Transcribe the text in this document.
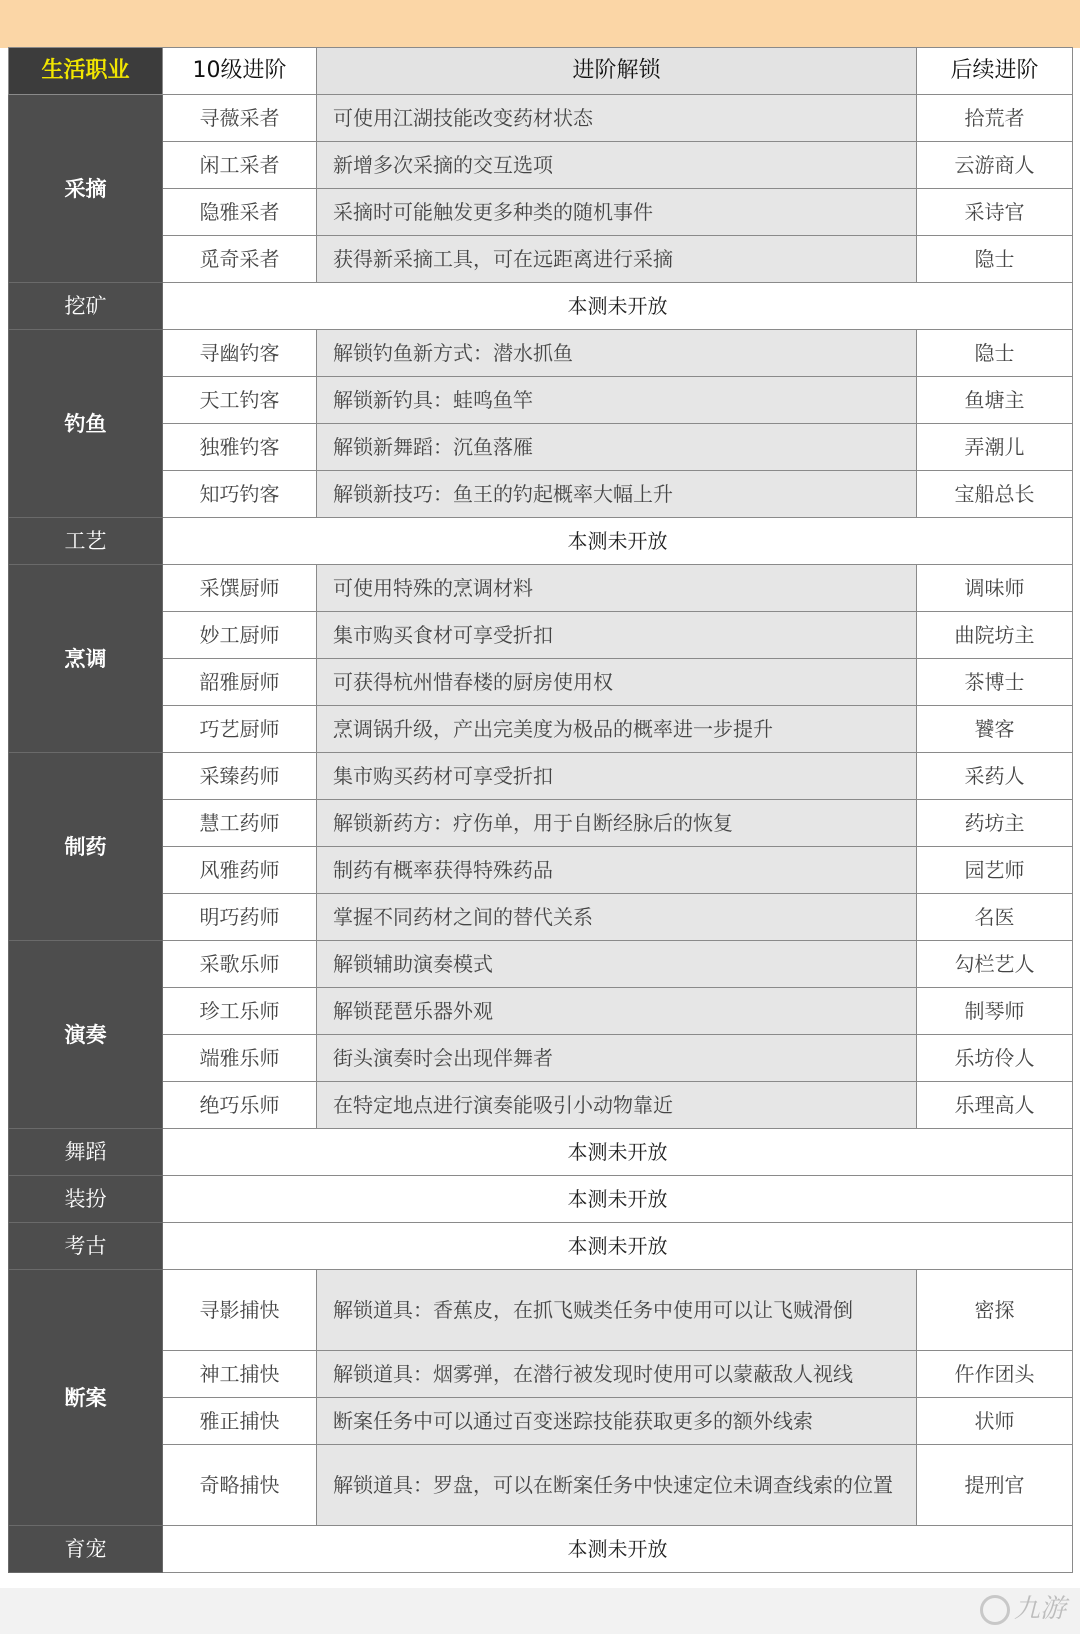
生活职业	10级进阶	进阶解锁	后续进阶
采摘	寻薇采者	可使用江湖技能改变药材状态	拾荒者
	闲工采者	新增多次采摘的交互选项	云游商人
	隐雅采者	采摘时可能触发更多种类的随机事件	采诗官
	觅奇采者	获得新采摘工具，可在远距离进行采摘	隐士
挖矿	本测未开放		
钓鱼	寻幽钓客	解锁钓鱼新方式：潜水抓鱼	隐士
	天工钓客	解锁新钓具：蛙鸣鱼竿	鱼塘主
	独雅钓客	解锁新舞蹈：沉鱼落雁	弄潮儿
	知巧钓客	解锁新技巧：鱼王的钓起概率大幅上升	宝船总长
工艺	本测未开放		
烹调	采馔厨师	可使用特殊的烹调材料	调味师
	妙工厨师	集市购买食材可享受折扣	曲院坊主
	韶雅厨师	可获得杭州惜春楼的厨房使用权	茶博士
	巧艺厨师	烹调锅升级，产出完美度为极品的概率进一步提升	饕客
制药	采臻药师	集市购买药材可享受折扣	采药人
	慧工药师	解锁新药方：疗伤单，用于自断经脉后的恢复	药坊主
	风雅药师	制药有概率获得特殊药品	园艺师
	明巧药师	掌握不同药材之间的替代关系	名医
演奏	采歌乐师	解锁辅助演奏模式	勾栏艺人
	珍工乐师	解锁琵琶乐器外观	制琴师
	端雅乐师	街头演奏时会出现伴舞者	乐坊伶人
	绝巧乐师	在特定地点进行演奏能吸引小动物靠近	乐理高人
舞蹈	本测未开放		
装扮	本测未开放		
考古	本测未开放		
断案	寻影捕快	解锁道具：香蕉皮，在抓飞贼类任务中使用可以让飞贼滑倒	密探
	神工捕快	解锁道具：烟雾弹，在潜行被发现时使用可以蒙蔽敌人视线	仵作团头
	雅正捕快	断案任务中可以通过百变迷踪技能获取更多的额外线索	状师
	奇略捕快	解锁道具：罗盘，可以在断案任务中快速定位未调查线索的位置	提刑官
育宠	本测未开放		
九游
